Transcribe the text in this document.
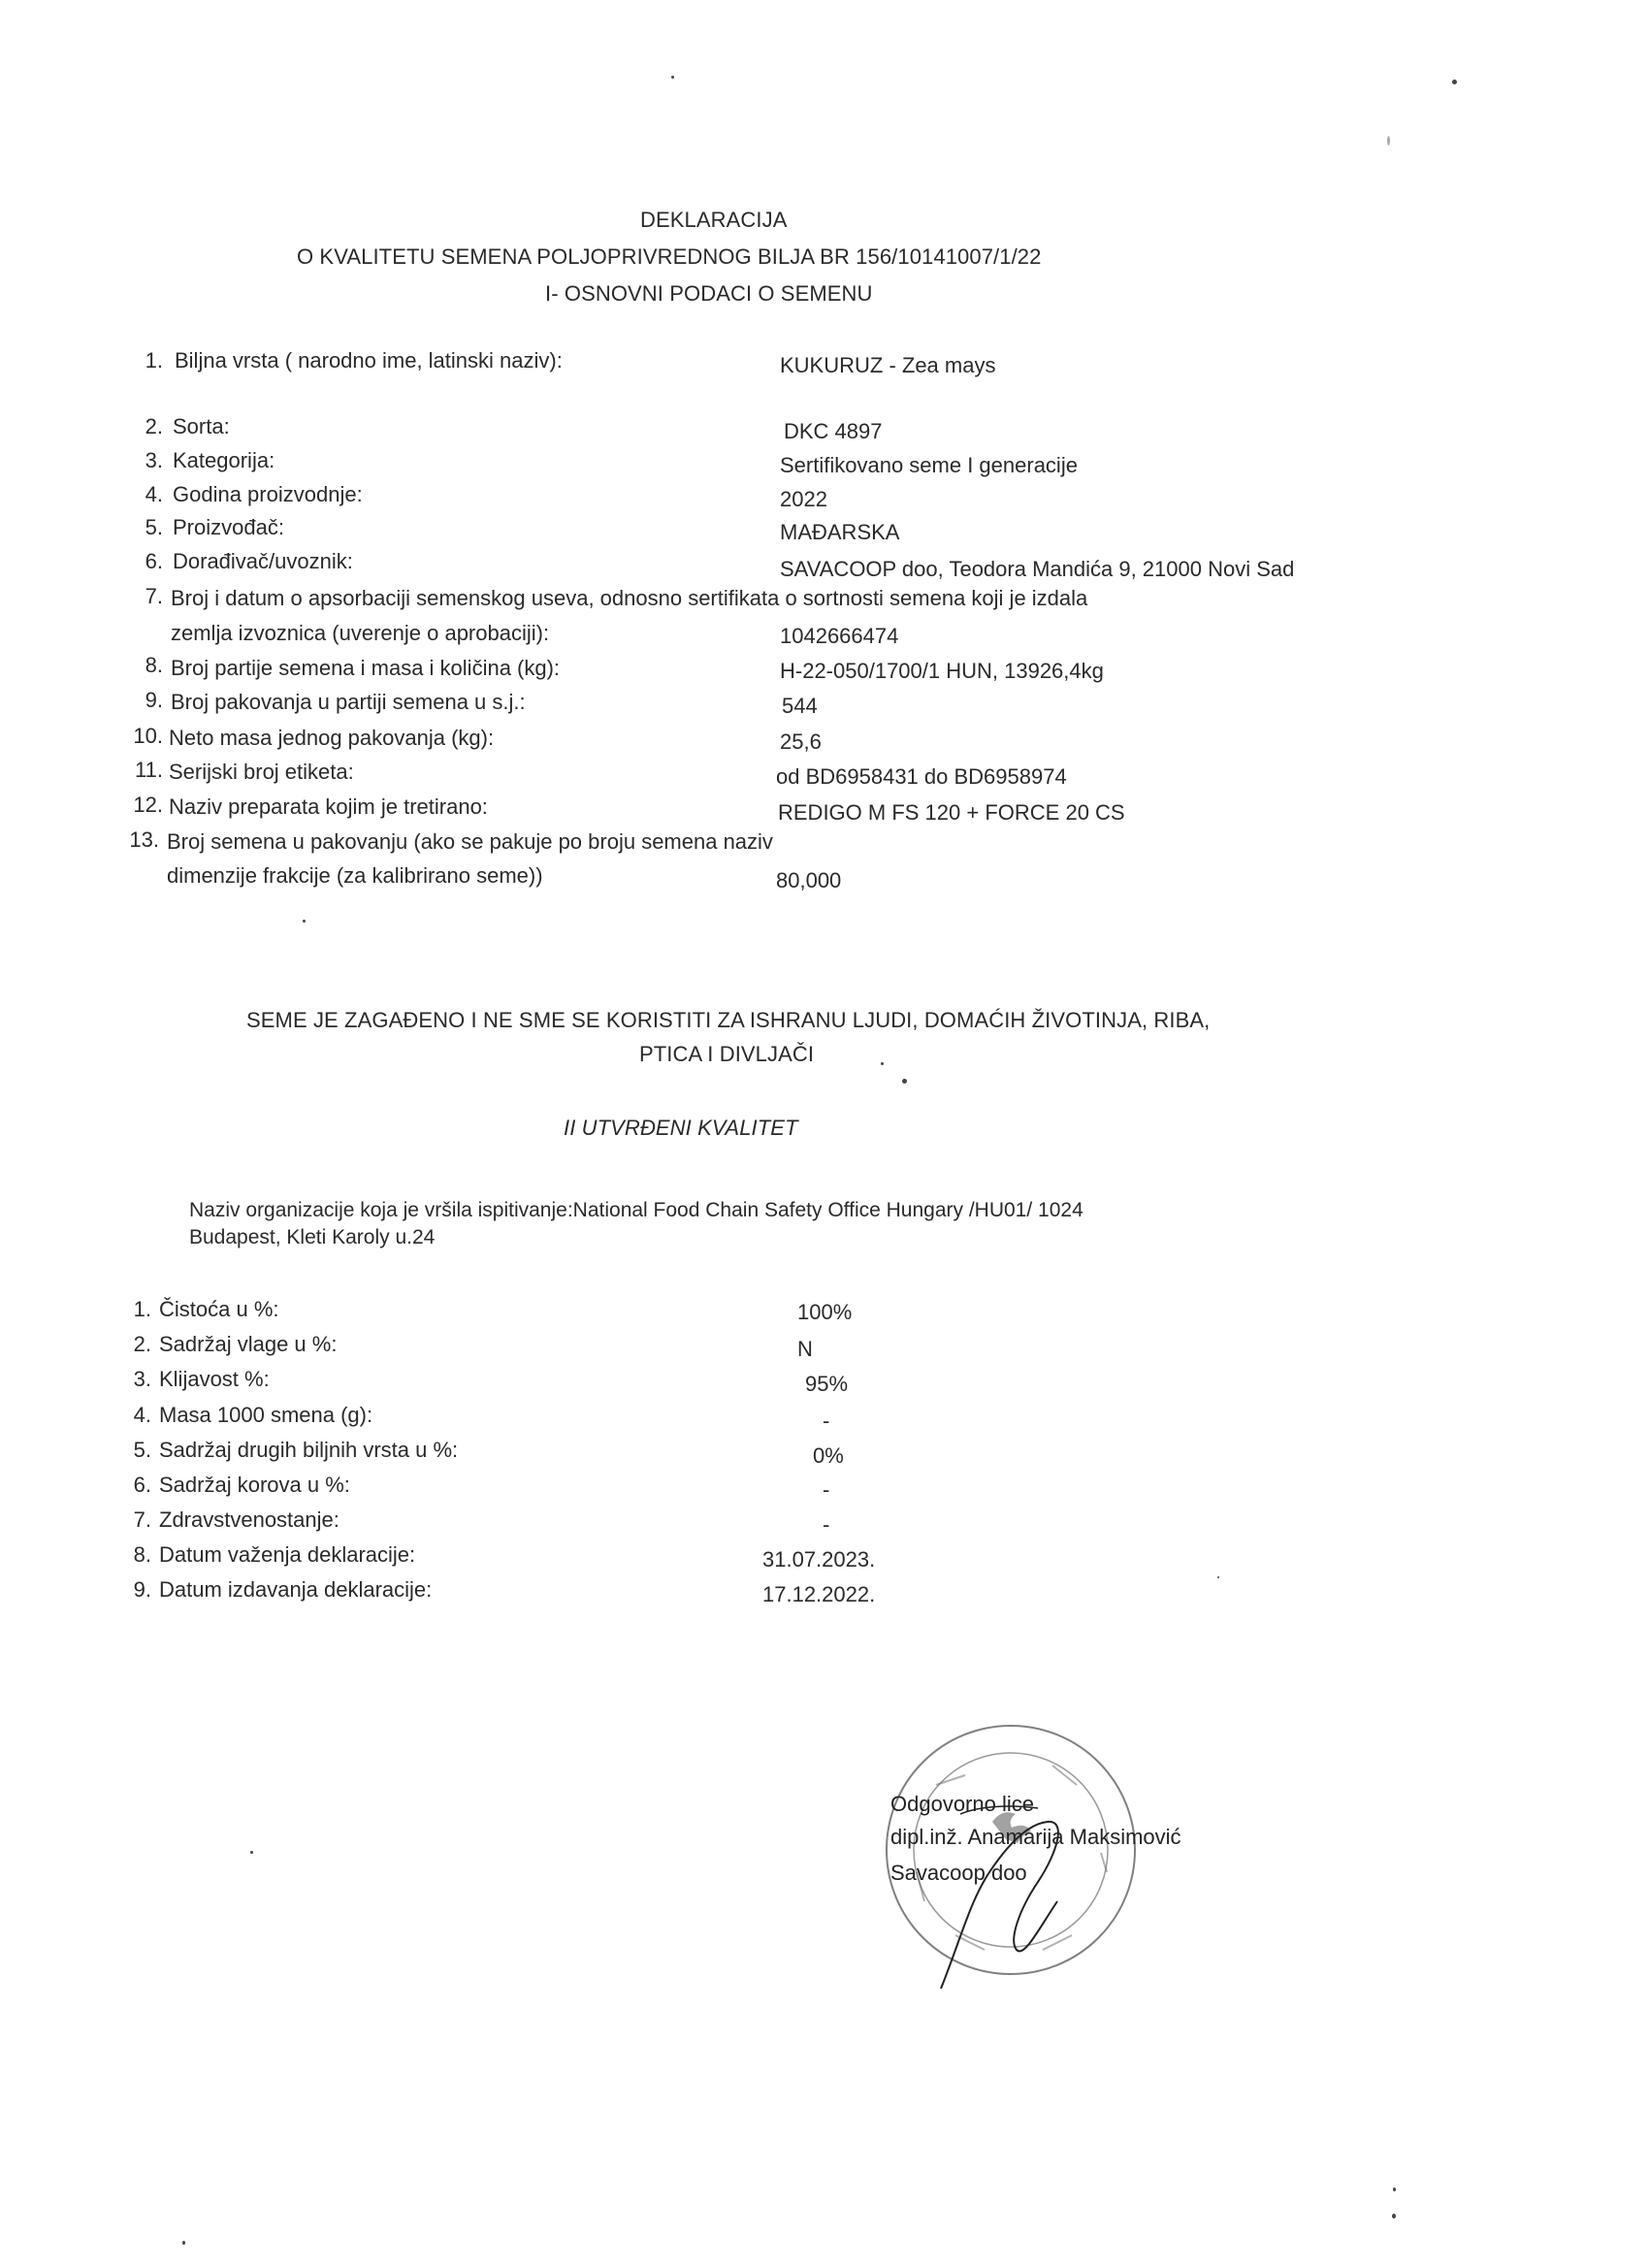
DEKLARACIJA
O KVALITETU SEMENA POLJOPRIVREDNOG BILJA BR 156/10141007/1/22
I- OSNOVNI PODACI O SEMENU
1. Biljna vrsta ( narodno ime, latinski naziv):	KUKURUZ - Zea mays
2. Sorta:	DKC 4897
3. Kategorija:	Sertifikovano seme I generacije
4. Godina proizvodnje:	2022
5. Proizvođač:	MAĐARSKA
6. Dorađivač/uvoznik:	SAVACOOP doo, Teodora Mandića 9, 21000 Novi Sad
7. Broj i datum o apsorbaciji semenskog useva, odnosno sertifikata o sortnosti semena koji je izdala
zemlja izvoznica (uverenje o aprobaciji):	1042666474
8. Broj partije semena i masa i količina (kg):	H-22-050/1700/1 HUN, 13926,4kg
9. Broj pakovanja u partiji semena u s.j.:	544
10. Neto masa jednog pakovanja (kg):	25,6
11. Serijski broj etiketa:	od BD6958431 do BD6958974
12. Naziv preparata kojim je tretirano:	REDIGO M FS 120 + FORCE 20 CS
13. Broj semena u pakovanju (ako se pakuje po broju semena naziv
dimenzije frakcije (za kalibrirano seme))	80,000
SEME JE ZAGAĐENO I NE SME SE KORISTITI ZA ISHRANU LJUDI, DOMAĆIH ŽIVOTINJA, RIBA,
PTICA I DIVLJAČI
II UTVRĐENI KVALITET
Naziv organizacije koja je vršila ispitivanje:National Food Chain Safety Office Hungary /HU01/ 1024
Budapest, Kleti Karoly u.24
1. Čistoća u %:	100%
2. Sadržaj vlage u %:	N
3. Klijavost %:	95%
4. Masa 1000 smena (g):	-
5. Sadržaj drugih biljnih vrsta u %:	0%
6. Sadržaj korova u %:	-
7. Zdravstvenostanje:	-
8. Datum važenja deklaracije:	31.07.2023.
9. Datum izdavanja deklaracije:	17.12.2022.
Odgovorno lice
dipl.inž. Anamarija Maksimović
Savacoop doo
